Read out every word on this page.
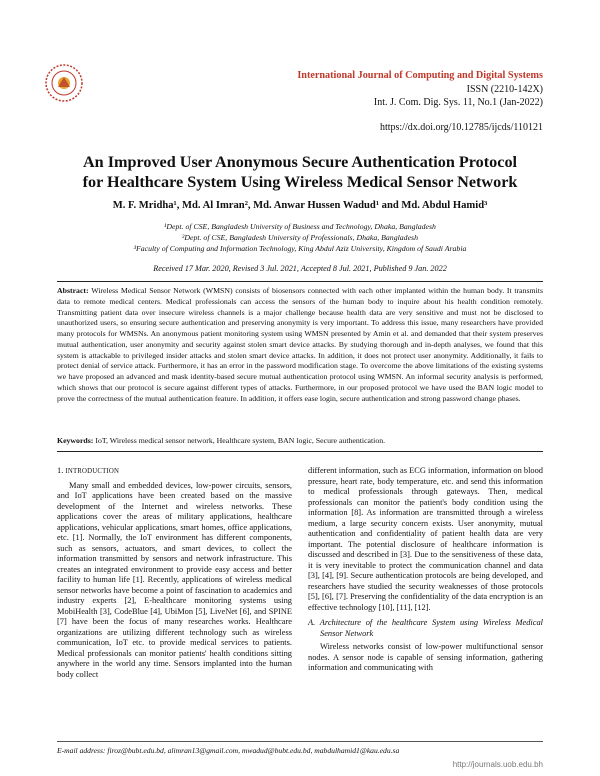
International Journal of Computing and Digital Systems
ISSN (2210-142X)
Int. J. Com. Dig. Sys. 11, No.1 (Jan-2022)
https://dx.doi.org/10.12785/ijcds/110121
An Improved User Anonymous Secure Authentication Protocol
for Healthcare System Using Wireless Medical Sensor Network
M. F. Mridha¹, Md. Al Imran², Md. Anwar Hussen Wadud¹ and Md. Abdul Hamid³
¹Dept. of CSE, Bangladesh University of Business and Technology, Dhaka, Bangladesh
²Dept. of CSE, Bangladesh University of Professionals, Dhaka, Bangladesh
³Faculty of Computing and Information Technology, King Abdul Aziz University, Kingdom of Saudi Arabia
Received 17 Mar. 2020, Revised 3 Jul. 2021, Accepted 8 Jul. 2021, Published 9 Jan. 2022
Abstract: Wireless Medical Sensor Network (WMSN) consists of biosensors connected with each other implanted within the human body. It transmits data to remote medical centers. Medical professionals can access the sensors of the human body to inquire about his health condition remotely. Transmitting patient data over insecure wireless channels is a major challenge because health data are very sensitive and must not be disclosed to unauthorized users, so ensuring secure authentication and preserving anonymity is very important. To address this issue, many researchers have provided many protocols for WMSNs. An anonymous patient monitoring system using WMSN presented by Amin et al. and demanded that their system preserves mutual authentication, user anonymity and security against stolen smart device attacks. By studying thorough and in-depth analyses, we found that this system is attackable to privileged insider attacks and stolen smart device attacks. In addition, it does not protect user anonymity. Additionally, it fails to protect denial of service attack. Furthermore, it has an error in the password modification stage. To overcome the above limitations of the existing systems we have proposed an advanced and mask identity-based secure mutual authentication protocol using WMSN. An informal security analysis is performed, which shows that our protocol is secure against different types of attacks. Furthermore, in our proposed protocol we have used the BAN logic model to prove the correctness of the mutual authentication feature. In addition, it offers ease login, secure authentication and strong password change phases.
Keywords: IoT, Wireless medical sensor network, Healthcare system, BAN logic, Secure authentication.
1. INTRODUCTION

Many small and embedded devices, low-power circuits, sensors, and IoT applications have been created based on the massive development of the Internet and wireless networks. These applications cover the areas of military applications, healthcare applications, vehicular applications, smart homes, office applications, etc. [1]. Normally, the IoT environment has different components, such as sensors, actuators, and smart devices, to collect the information transmitted by sensors and network infrastructure. This creates an integrated environment to provide easy access and better facility to human life [1]. Recently, applications of wireless medical sensor networks have become a point of fascination to academics and industry experts [2], E-healthcare monitoring systems using MobiHealth [3], CodeBlue [4], UbiMon [5], LiveNet [6], and SPINE [7] have been the focus of many researches works. Healthcare organizations are utilizing different technology such as wireless communication, IoT etc. to provide medical services to patients. Medical professionals can monitor patients' health conditions sitting anywhere in the world any time. Sensors implanted into the human body collect

different information, such as ECG information, information on blood pressure, heart rate, body temperature, etc. and send this information to medical professionals through gateways. Then, medical professionals can monitor the patient's body condition using the information [8]. As information are transmitted through a wireless medium, a large security concern exists. User anonymity, mutual authentication and confidentiality of patient health data are very important. The potential disclosure of healthcare information is discussed and described in [3]. Due to the sensitiveness of these data, it is very inevitable to protect the communication channel and data [3], [4], [9]. Secure authentication protocols are being developed, and researchers have studied the security weaknesses of those protocols [5], [6], [7]. Preserving the confidentiality of the data encryption is an effective technology [10], [11], [12].

A. Architecture of the healthcare System using Wireless Medical Sensor Network

Wireless networks consist of low-power multifunctional sensor nodes. A sensor node is capable of sensing information, gathering information and communicating with

E-mail address: firoz@bubt.edu.bd, alimran13@gmail.com, mwadud@bubt.edu.bd, mabdulhamid1@kau.edu.sa
http://journals.uob.edu.bh
